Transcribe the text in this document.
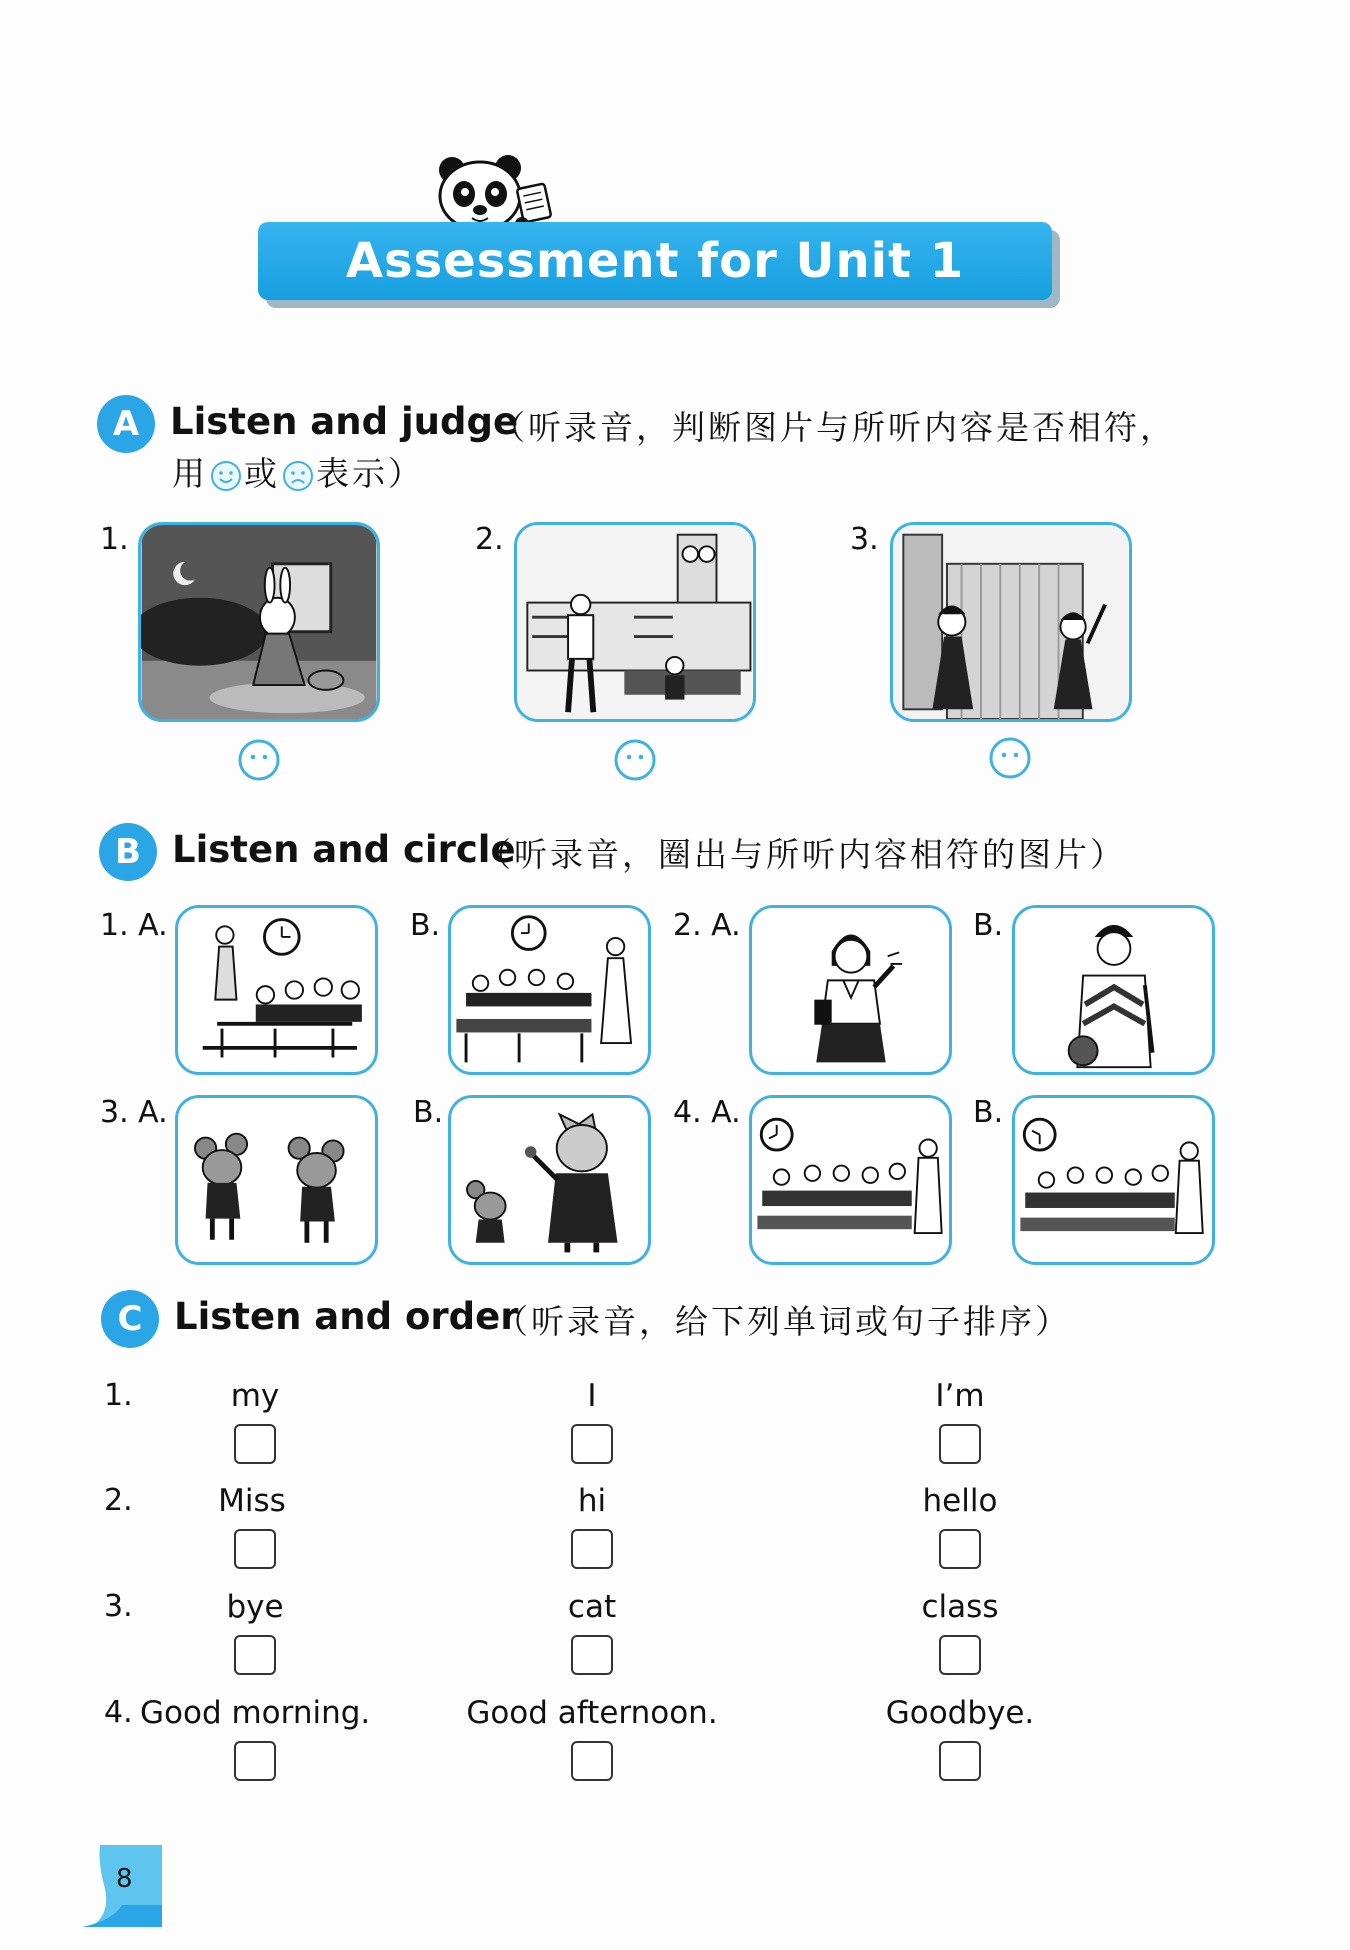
Assessment for Unit 1
A Listen and judge
（听录音，判断图片与所听内容是否相符，
用 或 表示）
1.	2.	3.
B Listen and circle
（听录音，圈出与所听内容相符的图片）
1. A.	B.	2. A.	B.
3. A.	B.	4. A.	B.
C Listen and order
（听录音，给下列单词或句子排序）
1.	my	I	I’m
2.	Miss	hi	hello
3.	bye	cat	class
4. Good morning.	Good afternoon.	Goodbye.
8
